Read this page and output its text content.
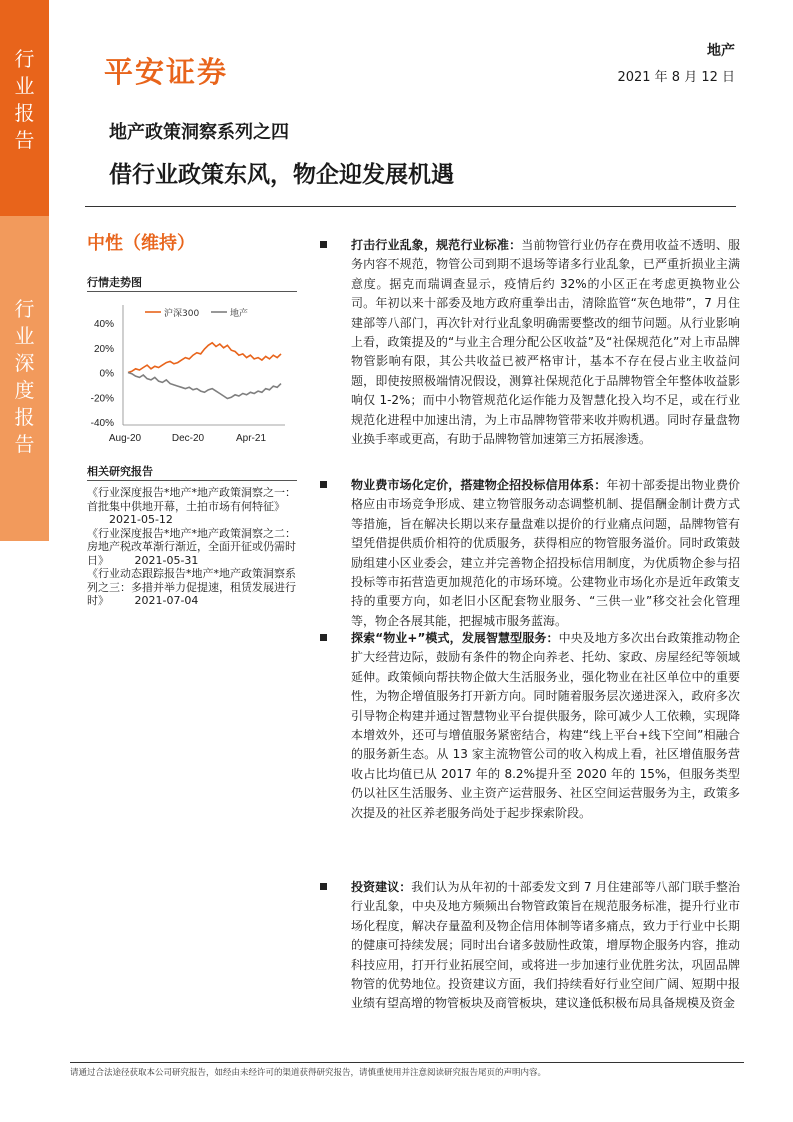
行
业
报
告
行
业
深
度
报
告
平安证券
地产
2021 年 8 月 12 日
地产政策洞察系列之四
借行业政策东风，物企迎发展机遇
中性（维持）
行情走势图
40%
20%
0%
-20%
-40%
Aug-20	Dec-20	Apr-21
沪深300	地产
相关研究报告
《行业深度报告*地产*地产政策洞察之一：首批集中供地开幕，土拍市场有何特征》 2021-05-12
《行业深度报告*地产*地产政策洞察之二：房地产税改革渐行渐近，全面开征或仍需时日》 2021-05-31
《行业动态跟踪报告*地产*地产政策洞察系列之三：多措并举力促提速，租赁发展进行时》 2021-07-04
打击行业乱象，规范行业标准：当前物管行业仍存在费用收益不透明、服务内容不规范，物管公司到期不退场等诸多行业乱象，已严重折损业主满意度。据克而瑞调查显示，疫情后约 32%的小区正在考虑更换物业公司。年初以来十部委及地方政府重拳出击，清除监管“灰色地带”，7 月住建部等八部门，再次针对行业乱象明确需要整改的细节问题。从行业影响上看，政策提及的“与业主合理分配公区收益”及“社保规范化”对上市品牌物管影响有限，其公共收益已被严格审计，基本不存在侵占业主收益问题，即使按照极端情况假设，测算社保规范化于品牌物管全年整体收益影响仅 1-2%；而中小物管规范化运作能力及智慧化投入均不足，或在行业规范化进程中加速出清，为上市品牌物管带来收并购机遇。同时存量盘物业换手率或更高，有助于品牌物管加速第三方拓展渗透。
物业费市场化定价，搭建物企招投标信用体系：年初十部委提出物业费价格应由市场竞争形成、建立物管服务动态调整机制、提倡酬金制计费方式等措施，旨在解决长期以来存量盘难以提价的行业痛点问题，品牌物管有望凭借提供质价相符的优质服务，获得相应的物管服务溢价。同时政策鼓励组建小区业委会，建立并完善物企招投标信用制度，为优质物企参与招投标等市拓营造更加规范化的市场环境。公建物业市场化亦是近年政策支持的重要方向，如老旧小区配套物业服务、“三供一业”移交社会化管理等，物企各展其能，把握城市服务蓝海。
探索“物业+”模式，发展智慧型服务：中央及地方多次出台政策推动物企扩大经营边际，鼓励有条件的物企向养老、托幼、家政、房屋经纪等领域延伸。政策倾向帮扶物企做大生活服务业，强化物业在社区单位中的重要性，为物企增值服务打开新方向。同时随着服务层次递进深入，政府多次引导物企构建并通过智慧物业平台提供服务，除可减少人工依赖，实现降本增效外，还可与增值服务紧密结合，构建“线上平台+线下空间”相融合的服务新生态。从 13 家主流物管公司的收入构成上看，社区增值服务营收占比均值已从 2017 年的 8.2%提升至 2020 年的 15%，但服务类型仍以社区生活服务、业主资产运营服务、社区空间运营服务为主，政策多次提及的社区养老服务尚处于起步探索阶段。
投资建议：我们认为从年初的十部委发文到 7 月住建部等八部门联手整治行业乱象，中央及地方频频出台物管政策旨在规范服务标准，提升行业市场化程度，解决存量盈利及物企信用体制等诸多痛点，致力于行业中长期的健康可持续发展；同时出台诸多鼓励性政策，增厚物企服务内容，推动科技应用，打开行业拓展空间，或将进一步加速行业优胜劣汰，巩固品牌物管的优势地位。投资建议方面，我们持续看好行业空间广阔、短期中报业绩有望高增的物管板块及商管板块，建议逢低积极布局具备规模及资金
请通过合法途径获取本公司研究报告，如经由未经许可的渠道获得研究报告，请慎重使用并注意阅读研究报告尾页的声明内容。
